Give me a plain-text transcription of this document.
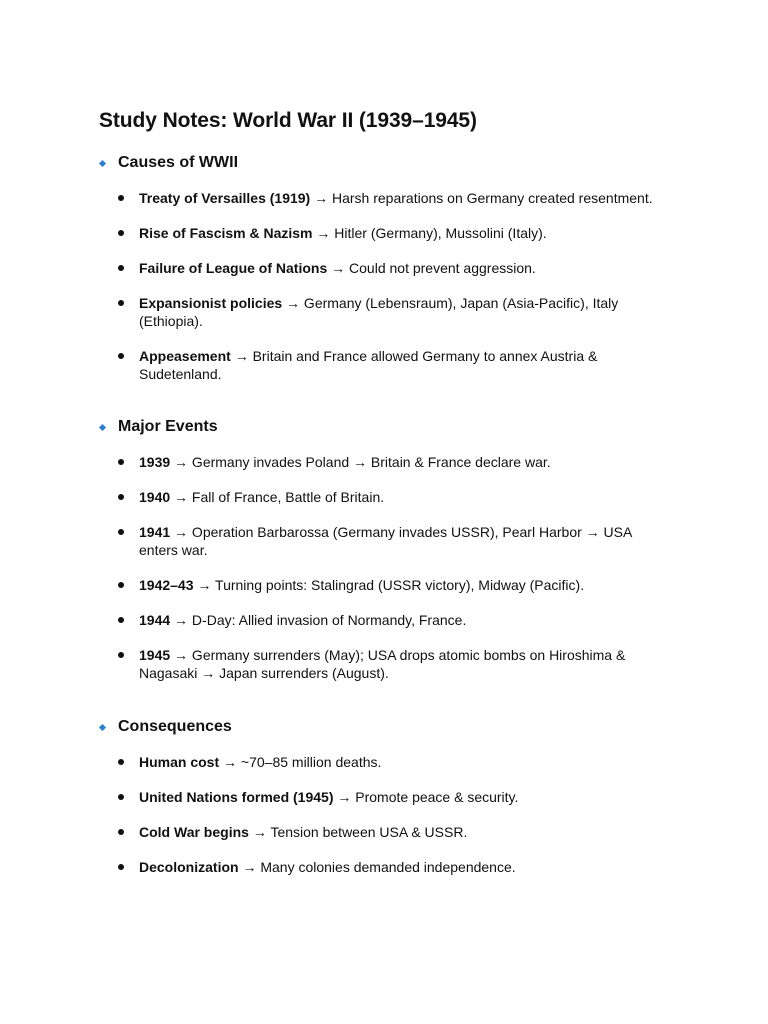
Study Notes: World War II (1939–1945)
Causes of WWII
Treaty of Versailles (1919) → Harsh reparations on Germany created resentment.
Rise of Fascism & Nazism → Hitler (Germany), Mussolini (Italy).
Failure of League of Nations → Could not prevent aggression.
Expansionist policies → Germany (Lebensraum), Japan (Asia-Pacific), Italy (Ethiopia).
Appeasement → Britain and France allowed Germany to annex Austria & Sudetenland.
Major Events
1939 → Germany invades Poland → Britain & France declare war.
1940 → Fall of France, Battle of Britain.
1941 → Operation Barbarossa (Germany invades USSR), Pearl Harbor → USA enters war.
1942–43 → Turning points: Stalingrad (USSR victory), Midway (Pacific).
1944 → D-Day: Allied invasion of Normandy, France.
1945 → Germany surrenders (May); USA drops atomic bombs on Hiroshima & Nagasaki → Japan surrenders (August).
Consequences
Human cost → ~70–85 million deaths.
United Nations formed (1945) → Promote peace & security.
Cold War begins → Tension between USA & USSR.
Decolonization → Many colonies demanded independence.
